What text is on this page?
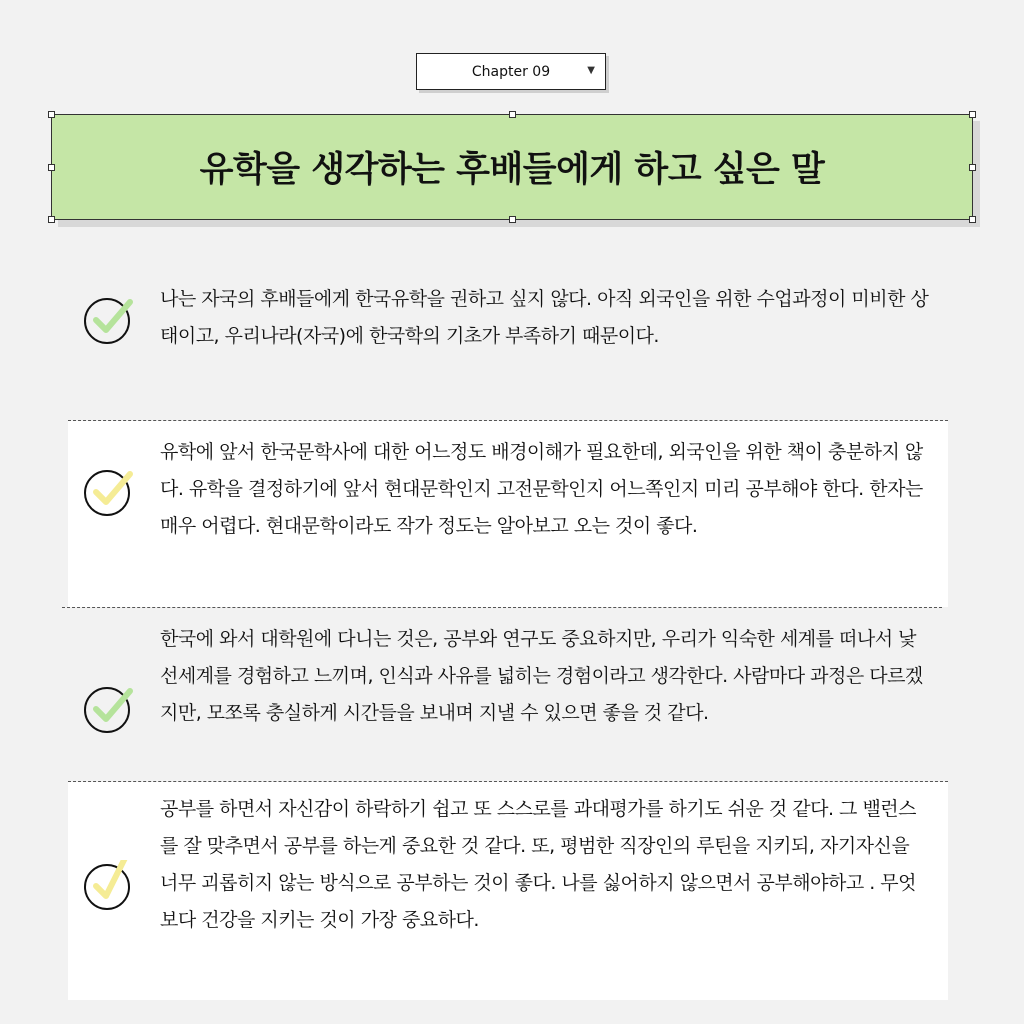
Chapter 09	▼
유학을 생각하는 후배들에게 하고 싶은 말

나는 자국의 후배들에게 한국유학을 권하고 싶지 않다. 아직 외국인을 위한 수업과정이 미비한 상태이고, 우리나라(자국)에 한국학의 기초가 부족하기 때문이다.

유학에 앞서 한국문학사에 대한 어느정도 배경이해가 필요한데, 외국인을 위한 책이 충분하지 않다. 유학을 결정하기에 앞서 현대문학인지 고전문학인지 어느쪽인지 미리 공부해야 한다. 한자는 매우 어렵다. 현대문학이라도 작가 정도는 알아보고 오는 것이 좋다.

한국에 와서 대학원에 다니는 것은, 공부와 연구도 중요하지만, 우리가 익숙한 세계를 떠나서 낯선세계를 경험하고 느끼며, 인식과 사유를 넓히는 경험이라고 생각한다. 사람마다 과정은 다르겠지만, 모쪼록 충실하게 시간들을 보내며 지낼 수 있으면 좋을 것 같다.

공부를 하면서 자신감이 하락하기 쉽고 또 스스로를 과대평가를 하기도 쉬운 것 같다. 그 밸런스를 잘 맞추면서 공부를 하는게 중요한 것 같다. 또, 평범한 직장인의 루틴을 지키되, 자기자신을 너무 괴롭히지 않는 방식으로 공부하는 것이 좋다. 나를 싫어하지 않으면서 공부해야하고 . 무엇보다 건강을 지키는 것이 가장 중요하다.
